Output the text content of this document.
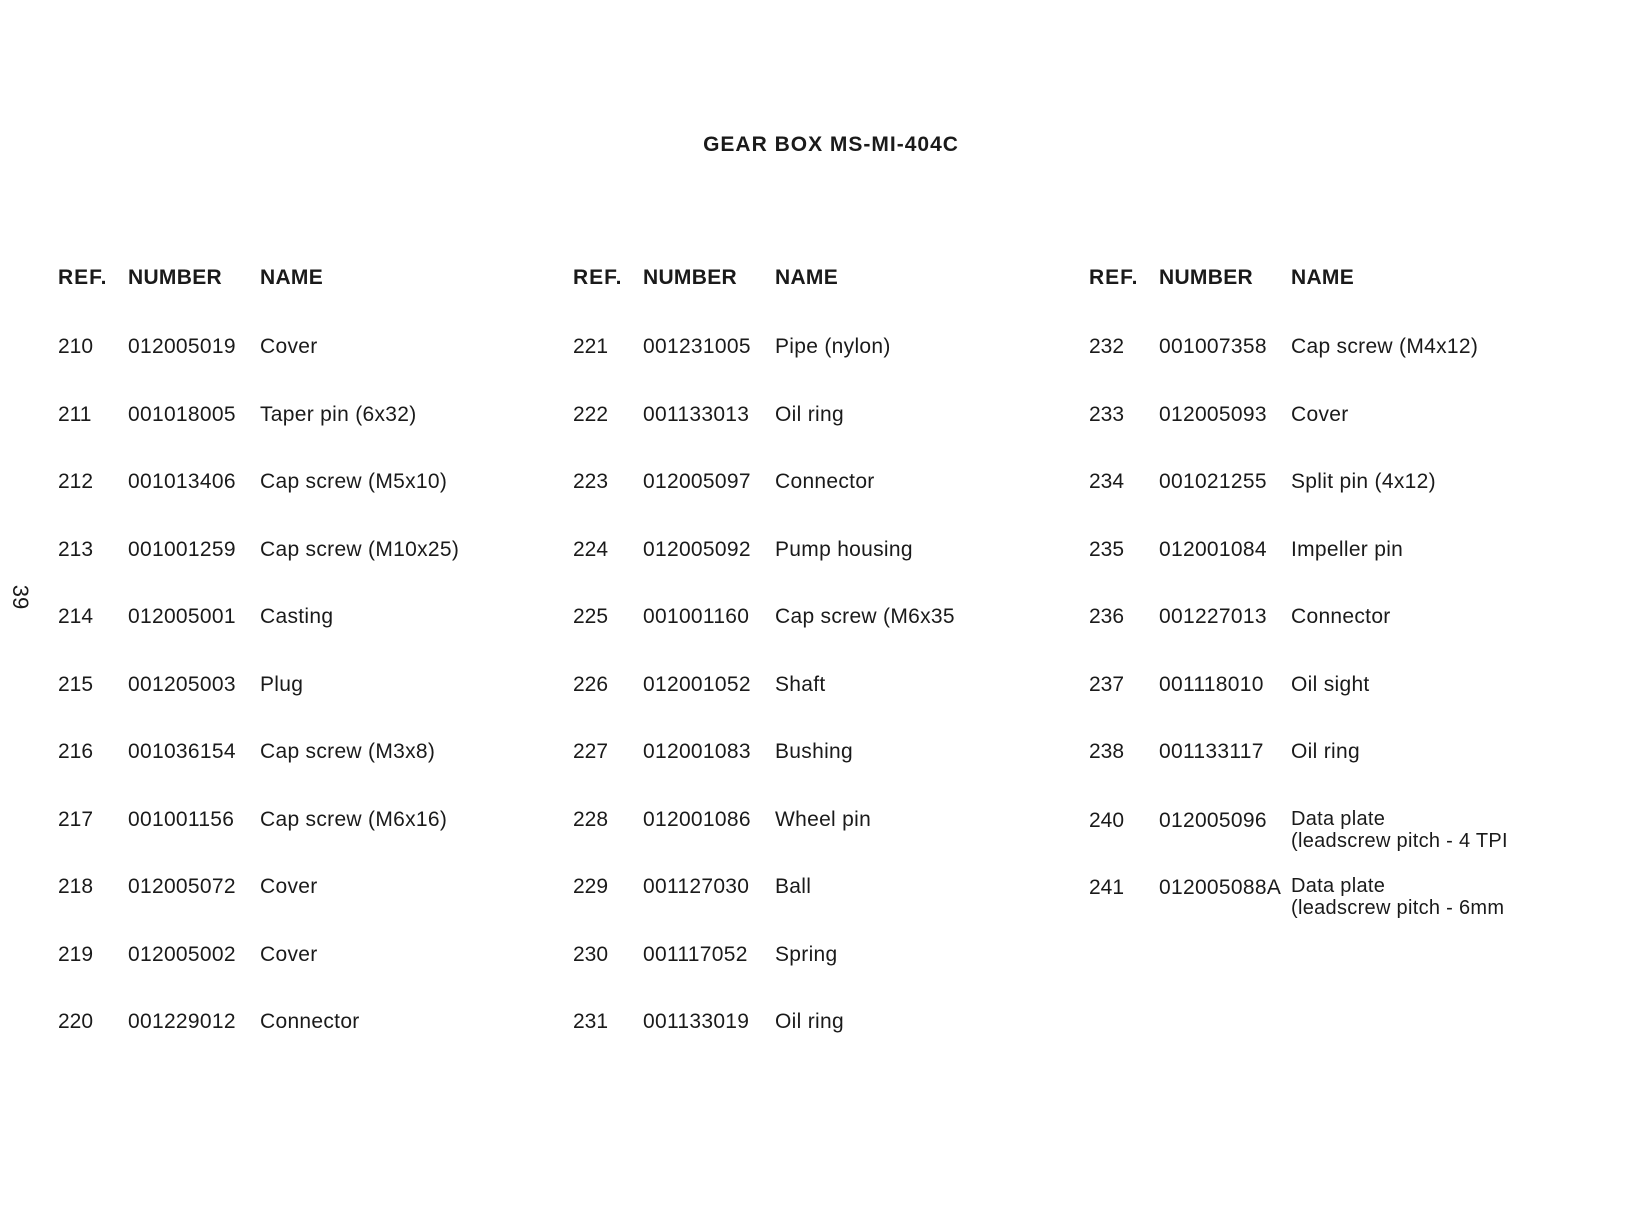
GEAR BOX MS-MI-404C
39
REF. NUMBER NAME
210 012005019 Cover
211 001018005 Taper pin (6x32)
212 001013406 Cap screw (M5x10)
213 001001259 Cap screw (M10x25)
214 012005001 Casting
215 001205003 Plug
216 001036154 Cap screw (M3x8)
217 001001156 Cap screw (M6x16)
218 012005072 Cover
219 012005002 Cover
220 001229012 Connector
REF. NUMBER NAME
221 001231005 Pipe (nylon)
222 001133013 Oil ring
223 012005097 Connector
224 012005092 Pump housing
225 001001160 Cap screw (M6x35
226 012001052 Shaft
227 012001083 Bushing
228 012001086 Wheel pin
229 001127030 Ball
230 001117052 Spring
231 001133019 Oil ring
REF. NUMBER NAME
232 001007358 Cap screw (M4x12)
233 012005093 Cover
234 001021255 Split pin (4x12)
235 012001084 Impeller pin
236 001227013 Connector
237 001118010 Oil sight
238 001133117 Oil ring
240 012005096 Data plate
(leadscrew pitch - 4 TPI
241 012005088A Data plate
(leadscrew pitch - 6mm
